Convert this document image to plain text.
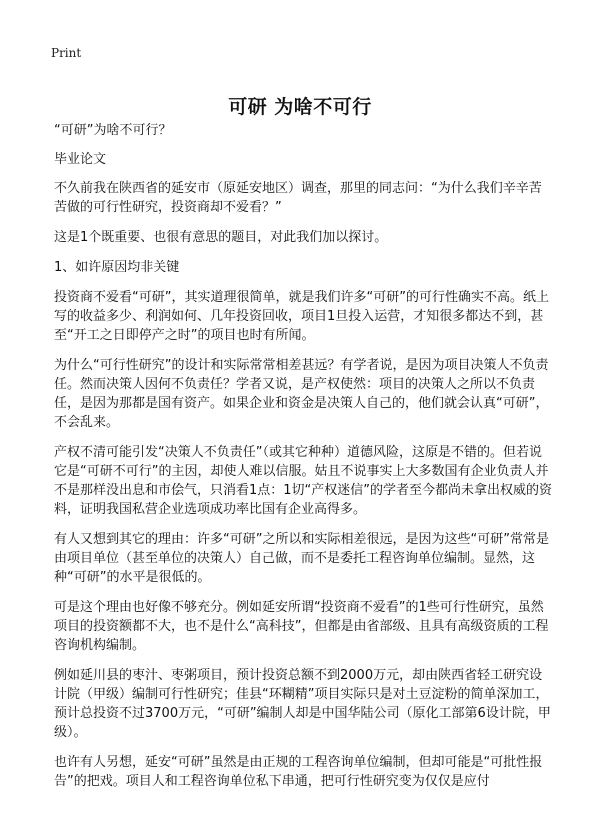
Print
可研 为啥不可行

“可研”为啥不可行？

毕业论文

不久前我在陕西省的延安市（原延安地区）调查，那里的同志问：“为什么我们辛辛苦苦做的可行性研究，投资商却不爱看？”

这是1个既重要、也很有意思的题目，对此我们加以探讨。

1、如许原因均非关键

投资商不爱看“可研”，其实道理很简单，就是我们许多“可研”的可行性确实不高。纸上写的收益多少、利润如何、几年投资回收，项目1旦投入运营，才知很多都达不到，甚至“开工之日即停产之时”的项目也时有所闻。

为什么“可行性研究”的设计和实际常常相差甚远？有学者说，是因为项目决策人不负责任。然而决策人因何不负责任？学者又说，是产权使然：项目的决策人之所以不负责任，是因为那都是国有资产。如果企业和资金是决策人自己的，他们就会认真“可研”，不会乱来。

产权不清可能引发“决策人不负责任”（或其它种种）道德风险，这原是不错的。但若说它是“可研不可行”的主因，却使人难以信服。姑且不说事实上大多数国有企业负责人并不是那样没出息和市侩气，只消看1点：1切“产权迷信”的学者至今都尚未拿出权威的资料，证明我国私营企业选项成功率比国有企业高得多。

有人又想到其它的理由：许多“可研”之所以和实际相差很远，是因为这些“可研”常常是由项目单位（甚至单位的决策人）自己做，而不是委托工程咨询单位编制。显然，这种“可研”的水平是很低的。

可是这个理由也好像不够充分。例如延安所谓“投资商不爱看”的1些可行性研究，虽然项目的投资额都不大，也不是什么“高科技”，但都是由省部级、且具有高级资质的工程咨询机构编制。

例如延川县的枣汁、枣粥项目，预计投资总额不到2000万元，却由陕西省轻工研究设计院（甲级）编制可行性研究；佳县“环糊精”项目实际只是对土豆淀粉的简单深加工，预计总投资不过3700万元，“可研”编制人却是中国华陆公司（原化工部第6设计院，甲级）。

也许有人另想，延安“可研”虽然是由正规的工程咨询单位编制，但却可能是“可批性报告”的把戏。项目人和工程咨询单位私下串通，把可行性研究变为仅仅是应付
